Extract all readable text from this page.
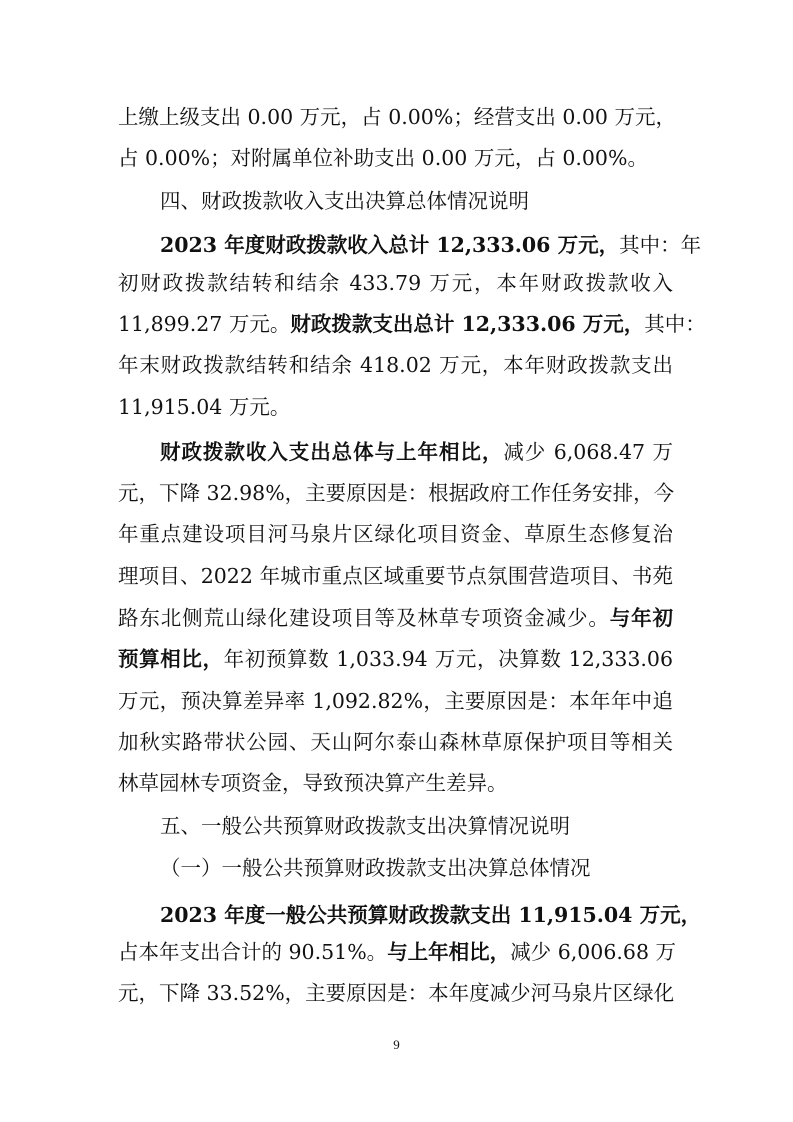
上缴上级支出 0.00 万元，占 0.00%；经营支出 0.00 万元，
占 0.00%；对附属单位补助支出 0.00 万元，占 0.00%。
四、财政拨款收入支出决算总体情况说明
2023 年度财政拨款收入总计 12,333.06 万元，其中：年
初财政拨款结转和结余 433.79 万元，本年财政拨款收入
11,899.27 万元。财政拨款支出总计 12,333.06 万元，其中：
年末财政拨款结转和结余 418.02 万元，本年财政拨款支出
11,915.04 万元。
财政拨款收入支出总体与上年相比，减少 6,068.47 万
元，下降 32.98%，主要原因是：根据政府工作任务安排，今
年重点建设项目河马泉片区绿化项目资金、草原生态修复治
理项目、2022 年城市重点区域重要节点氛围营造项目、书苑
路东北侧荒山绿化建设项目等及林草专项资金减少。与年初
预算相比，年初预算数 1,033.94 万元，决算数 12,333.06
万元，预决算差异率 1,092.82%，主要原因是：本年年中追
加秋实路带状公园、天山阿尔泰山森林草原保护项目等相关
林草园林专项资金，导致预决算产生差异。
五、一般公共预算财政拨款支出决算情况说明
（一）一般公共预算财政拨款支出决算总体情况
2023 年度一般公共预算财政拨款支出 11,915.04 万元，
占本年支出合计的 90.51%。与上年相比，减少 6,006.68 万
元，下降 33.52%，主要原因是：本年度减少河马泉片区绿化
9
